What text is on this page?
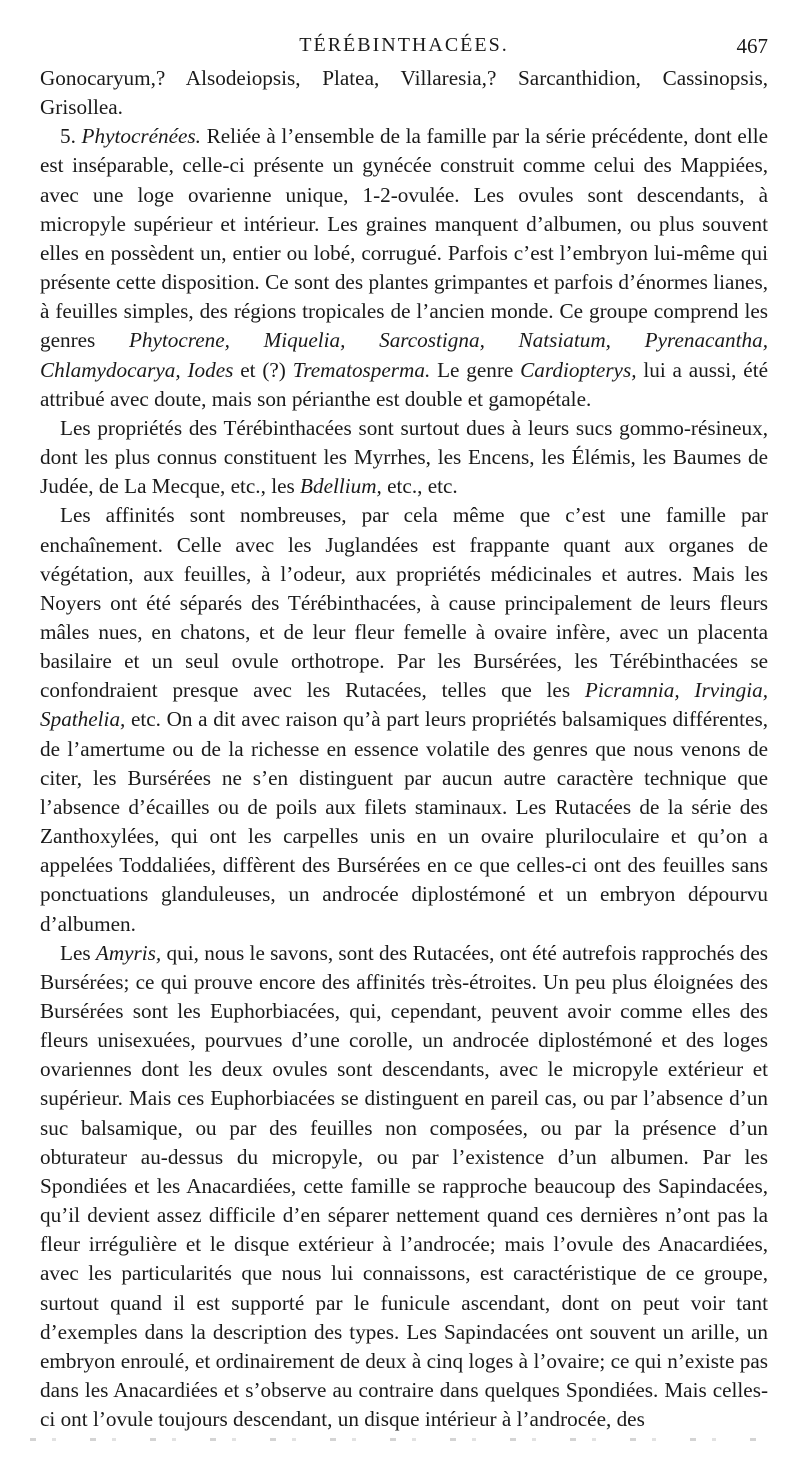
TÉRÉBINTHACÉES.	467

Gonocaryum,? Alsodeiopsis, Platea, Villaresia,? Sarcanthidion, Cassinopsis, Grisollea.

5. Phytocrénées. Reliée à l’ensemble de la famille par la série précédente, dont elle est inséparable, celle-ci présente un gynécée construit comme celui des Mappiées, avec une loge ovarienne unique, 1-2-ovulée. Les ovules sont descendants, à micropyle supérieur et intérieur. Les graines manquent d’albumen, ou plus souvent elles en possèdent un, entier ou lobé, corrugué. Parfois c’est l’embryon lui-même qui présente cette disposition. Ce sont des plantes grimpantes et parfois d’énormes lianes, à feuilles simples, des régions tropicales de l’ancien monde. Ce groupe comprend les genres Phytocrene, Miquelia, Sarcostigna, Natsiatum, Pyrenacantha, Chlamydocarya, Iodes et (?) Trematosperma. Le genre Cardiopterys, lui a aussi, été attribué avec doute, mais son périanthe est double et gamopétale.

Les propriétés des Térébinthacées sont surtout dues à leurs sucs gommo-résineux, dont les plus connus constituent les Myrrhes, les Encens, les Élémis, les Baumes de Judée, de La Mecque, etc., les Bdellium, etc., etc.

Les affinités sont nombreuses, par cela même que c’est une famille par enchaînement. Celle avec les Juglandées est frappante quant aux organes de végétation, aux feuilles, à l’odeur, aux propriétés médicinales et autres. Mais les Noyers ont été séparés des Térébinthacées, à cause principalement de leurs fleurs mâles nues, en chatons, et de leur fleur femelle à ovaire infère, avec un placenta basilaire et un seul ovule orthotrope. Par les Bursérées, les Térébinthacées se confondraient presque avec les Rutacées, telles que les Picramnia, Irvingia, Spathelia, etc. On a dit avec raison qu’à part leurs propriétés balsamiques différentes, de l’amertume ou de la richesse en essence volatile des genres que nous venons de citer, les Bursérées ne s’en distinguent par aucun autre caractère technique que l’absence d’écailles ou de poils aux filets staminaux. Les Rutacées de la série des Zanthoxylées, qui ont les carpelles unis en un ovaire pluriloculaire et qu’on a appelées Toddaliées, diffèrent des Bursérées en ce que celles-ci ont des feuilles sans ponctuations glanduleuses, un androcée diplostémoné et un embryon dépourvu d’albumen.

Les Amyris, qui, nous le savons, sont des Rutacées, ont été autrefois rapprochés des Bursérées; ce qui prouve encore des affinités très-étroites. Un peu plus éloignées des Bursérées sont les Euphorbiacées, qui, cependant, peuvent avoir comme elles des fleurs unisexuées, pourvues d’une corolle, un androcée diplostémoné et des loges ovariennes dont les deux ovules sont descendants, avec le micropyle extérieur et supérieur. Mais ces Euphorbiacées se distinguent en pareil cas, ou par l’absence d’un suc balsamique, ou par des feuilles non composées, ou par la présence d’un obturateur au-dessus du micropyle, ou par l’existence d’un albumen. Par les Spondiées et les Anacardiées, cette famille se rapproche beaucoup des Sapindacées, qu’il devient assez difficile d’en séparer nettement quand ces dernières n’ont pas la fleur irrégulière et le disque extérieur à l’androcée; mais l’ovule des Anacardiées, avec les particularités que nous lui connaissons, est caractéristique de ce groupe, surtout quand il est supporté par le funicule ascendant, dont on peut voir tant d’exemples dans la description des types. Les Sapindacées ont souvent un arille, un embryon enroulé, et ordinairement de deux à cinq loges à l’ovaire; ce qui n’existe pas dans les Anacardiées et s’observe au contraire dans quelques Spondiées. Mais celles-ci ont l’ovule toujours descendant, un disque intérieur à l’androcée, des
